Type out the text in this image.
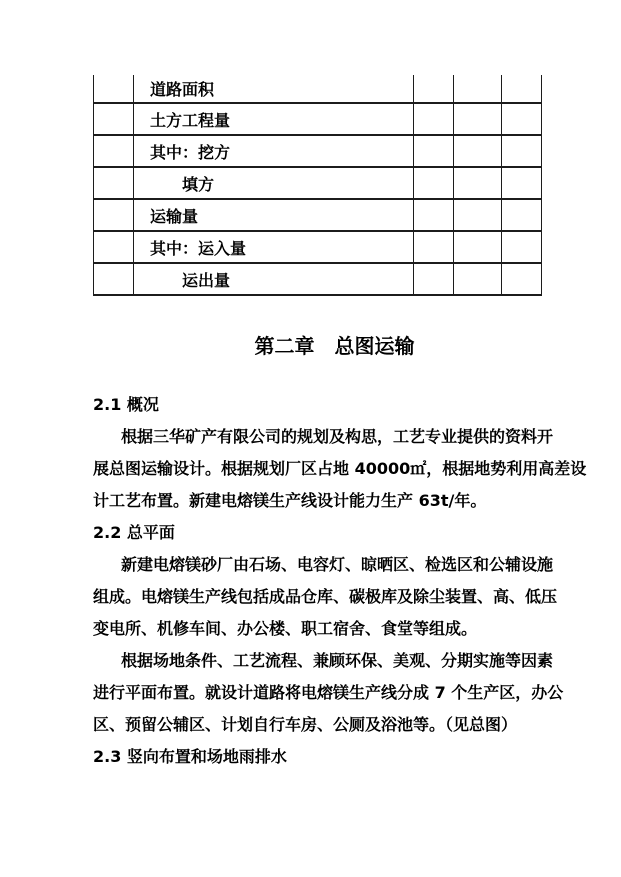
	道路面积			
	土方工程量			
	其中：挖方			
	填方			
	运输量			
	其中：运入量			
	运出量			
第二章　总图运输
2.1 概况
根据三华矿产有限公司的规划及构思，工艺专业提供的资料开
展总图运输设计。根据规划厂区占地 40000㎡，根据地势利用高差设
计工艺布置。新建电熔镁生产线设计能力生产 63t/年。
2.2 总平面
新建电熔镁砂厂由石场、电容灯、晾晒区、检选区和公辅设施
组成。电熔镁生产线包括成品仓库、碳极库及除尘装置、高、低压
变电所、机修车间、办公楼、职工宿舍、食堂等组成。
根据场地条件、工艺流程、兼顾环保、美观、分期实施等因素
进行平面布置。就设计道路将电熔镁生产线分成 7 个生产区，办公
区、预留公辅区、计划自行车房、公厕及浴池等。（见总图）
2.3 竖向布置和场地雨排水
